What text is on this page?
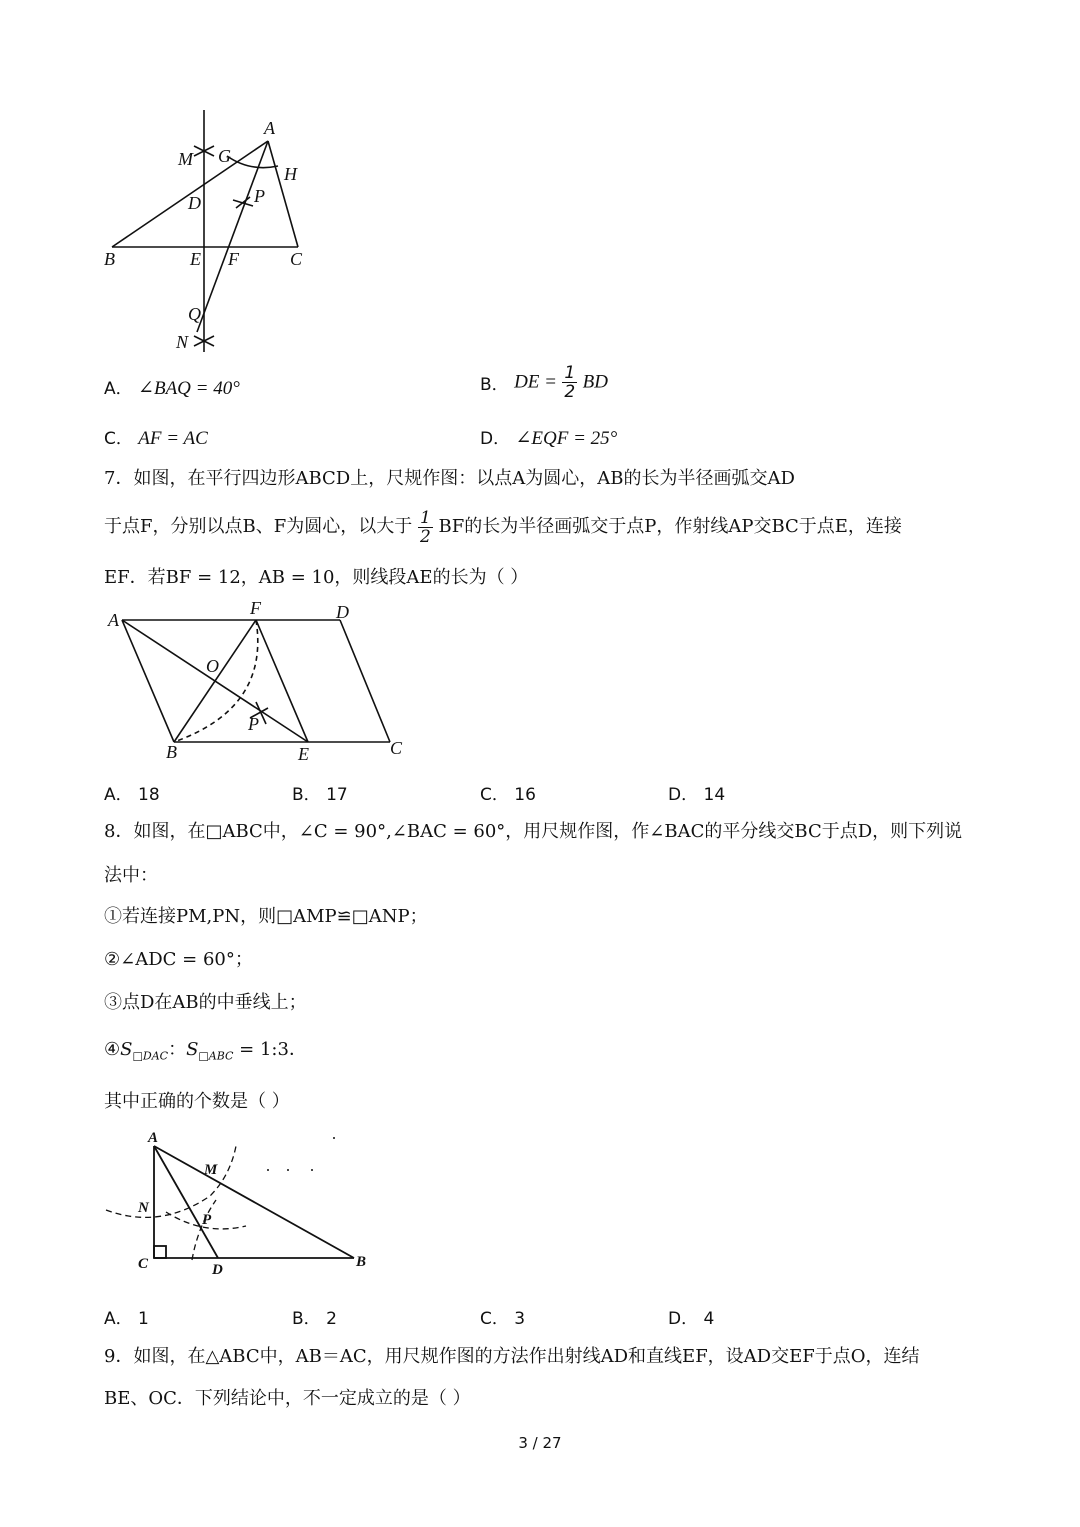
A
M G
H
D	P
B	E F	C
Q
N
A． ∠BAQ = 40°	B． DE = $\frac{1}{2}$ BD
C． AF = AC	D． ∠EQF = 25°
7．如图，在平行四边形ABCD上，尺规作图：以点A为圆心，AB的长为半径画弧交AD
于点F，分别以点B、F为圆心，以大于 $\frac{1}{2}$ BF的长为半径画弧交于点P，作射线AP交BC于点E，连接
EF．若BF = 12，AB = 10，则线段AE的长为（ ）
A
F	D
O
P
B	E	C
A． 18	B． 17	C． 16	D． 14
8．如图，在□ABC中，∠C = 90°,∠BAC = 60°，用尺规作图，作∠BAC的平分线交BC于点D，则下列说
法中：
①若连接PM,PN，则□AMP≌□ANP；
②∠ADC = 60°；
③点D在AB的中垂线上；
$④S_{□DAC}$：$S_{□ABC}$ = 1:3．
其中正确的个数是（ ）
A
M
N
P
C	D	B
A． 1	B． 2	C． 3	D． 4
9．如图，在△ABC中，AB＝AC，用尺规作图的方法作出射线AD和直线EF，设AD交EF于点O，连结
BE、OC．下列结论中，不一定成立的是（ ）
3 / 27
